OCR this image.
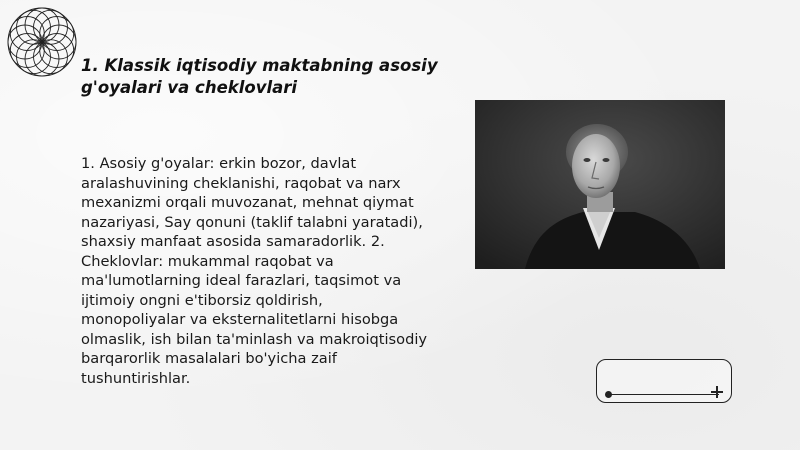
1. Klassik iqtisodiy maktabning asosiy g'oyalari va cheklovlari
1. Asosiy g'oyalar: erkin bozor, davlat aralashuvining cheklanishi, raqobat va narx mexanizmi orqali muvozanat, mehnat qiymat nazariyasi, Say qonuni (taklif talabni yaratadi), shaxsiy manfaat asosida samaradorlik. 2. Cheklovlar: mukammal raqobat va ma'lumotlarning ideal farazlari, taqsimot va ijtimoiy ongni e'tiborsiz qoldirish, monopoliyalar va eksternalitetlarni hisobga olmaslik, ish bilan ta'minlash va makroiqtisodiy barqarorlik masalalari bo'yicha zaif tushuntirishlar.
